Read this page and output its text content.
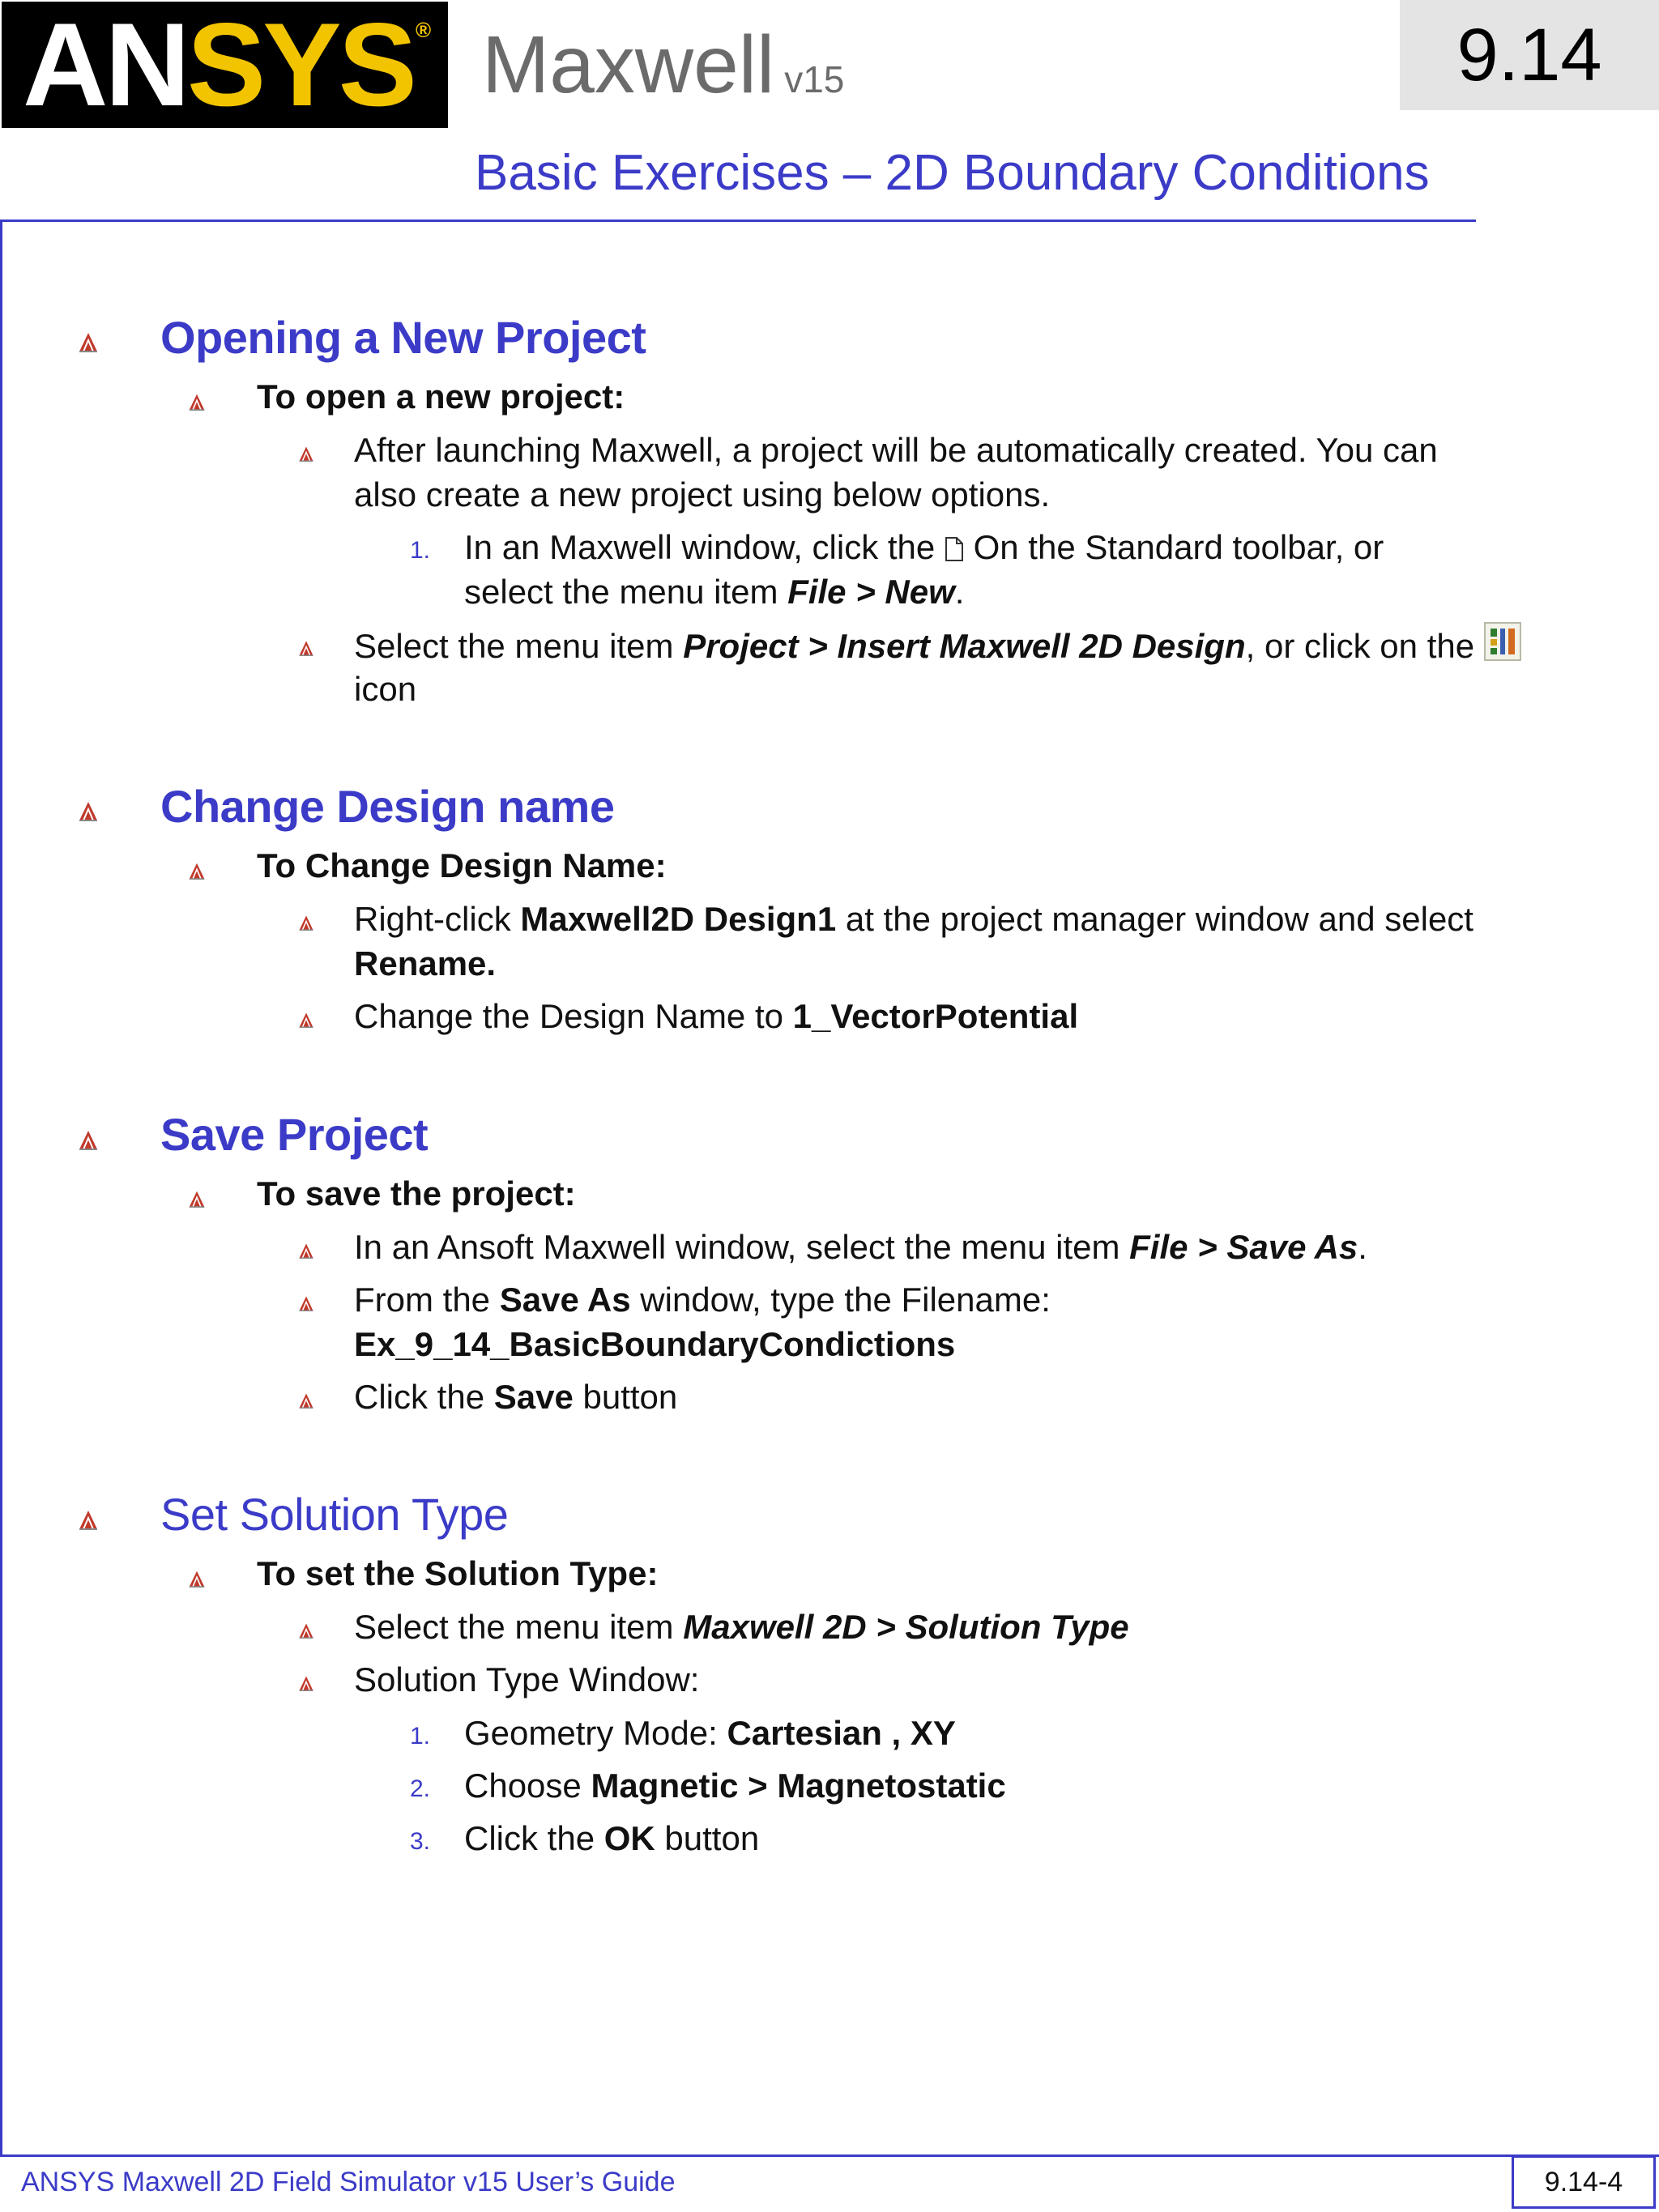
AN SYS ® Maxwell v15	9.14
Basic Exercises – 2D Boundary Conditions
Opening a New Project
To open a new project:
After launching Maxwell, a project will be automatically created. You can
also create a new project using below options.
1. In an Maxwell window, click the On the Standard toolbar, or
select the menu item File > New.
Select the menu item Project > Insert Maxwell 2D Design, or click on the
icon
Change Design name
To Change Design Name:
Right-click Maxwell2D Design1 at the project manager window and select
Rename.
Change the Design Name to 1_VectorPotential
Save Project
To save the project:
In an Ansoft Maxwell window, select the menu item File > Save As.
From the Save As window, type the Filename:
Ex_9_14_BasicBoundaryCondictions
Click the Save button
Set Solution Type
To set the Solution Type:
Select the menu item Maxwell 2D > Solution Type
Solution Type Window:
1. Geometry Mode: Cartesian , XY
2. Choose Magnetic > Magnetostatic
3. Click the OK button
ANSYS Maxwell 2D Field Simulator v15 User’s Guide	9.14-4
